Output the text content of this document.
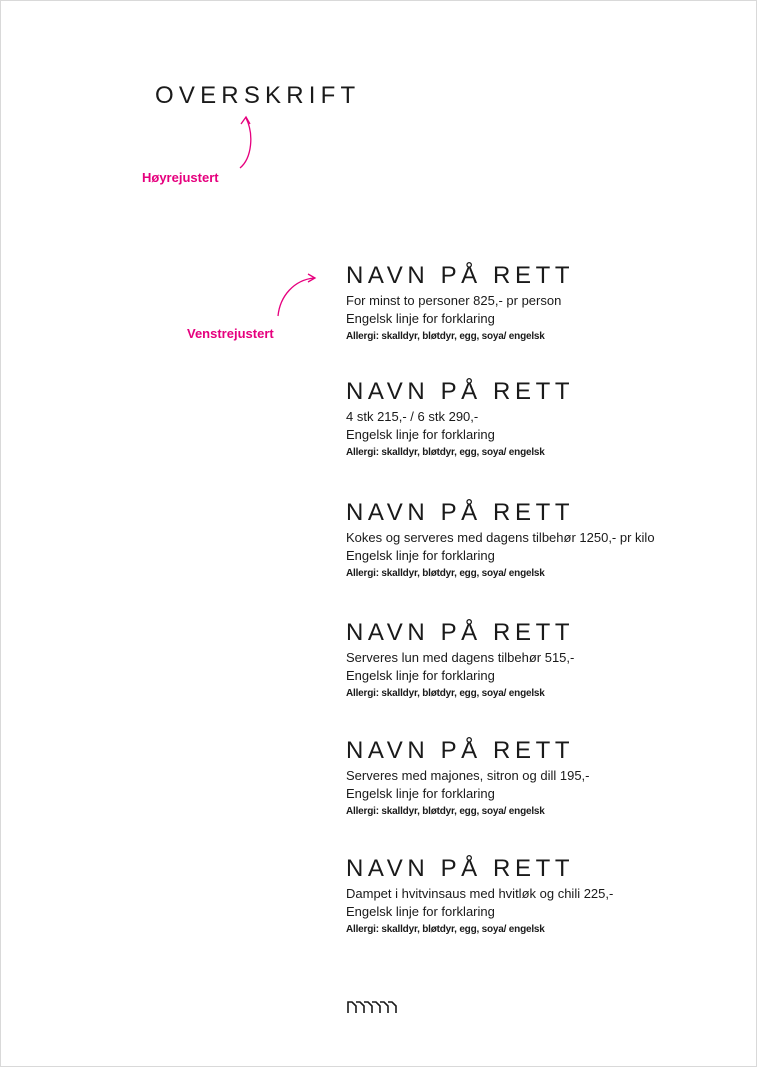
OVERSKRIFT
Høyrejustert
Venstrejustert
NAVN PÅ RETT
For minst to personer 825,- pr person
Engelsk linje for forklaring
Allergi: skalldyr, bløtdyr, egg, soya/ engelsk
NAVN PÅ RETT
4 stk 215,- / 6 stk 290,-
Engelsk linje for forklaring
Allergi: skalldyr, bløtdyr, egg, soya/ engelsk
NAVN PÅ RETT
Kokes og serveres med dagens tilbehør 1250,- pr kilo
Engelsk linje for forklaring
Allergi: skalldyr, bløtdyr, egg, soya/ engelsk
NAVN PÅ RETT
Serveres lun med dagens tilbehør 515,-
Engelsk linje for forklaring
Allergi: skalldyr, bløtdyr, egg, soya/ engelsk
NAVN PÅ RETT
Serveres med majones, sitron og dill 195,-
Engelsk linje for forklaring
Allergi: skalldyr, bløtdyr, egg, soya/ engelsk
NAVN PÅ RETT
Dampet i hvitvinsaus med hvitløk og chili 225,-
Engelsk linje for forklaring
Allergi: skalldyr, bløtdyr, egg, soya/ engelsk
